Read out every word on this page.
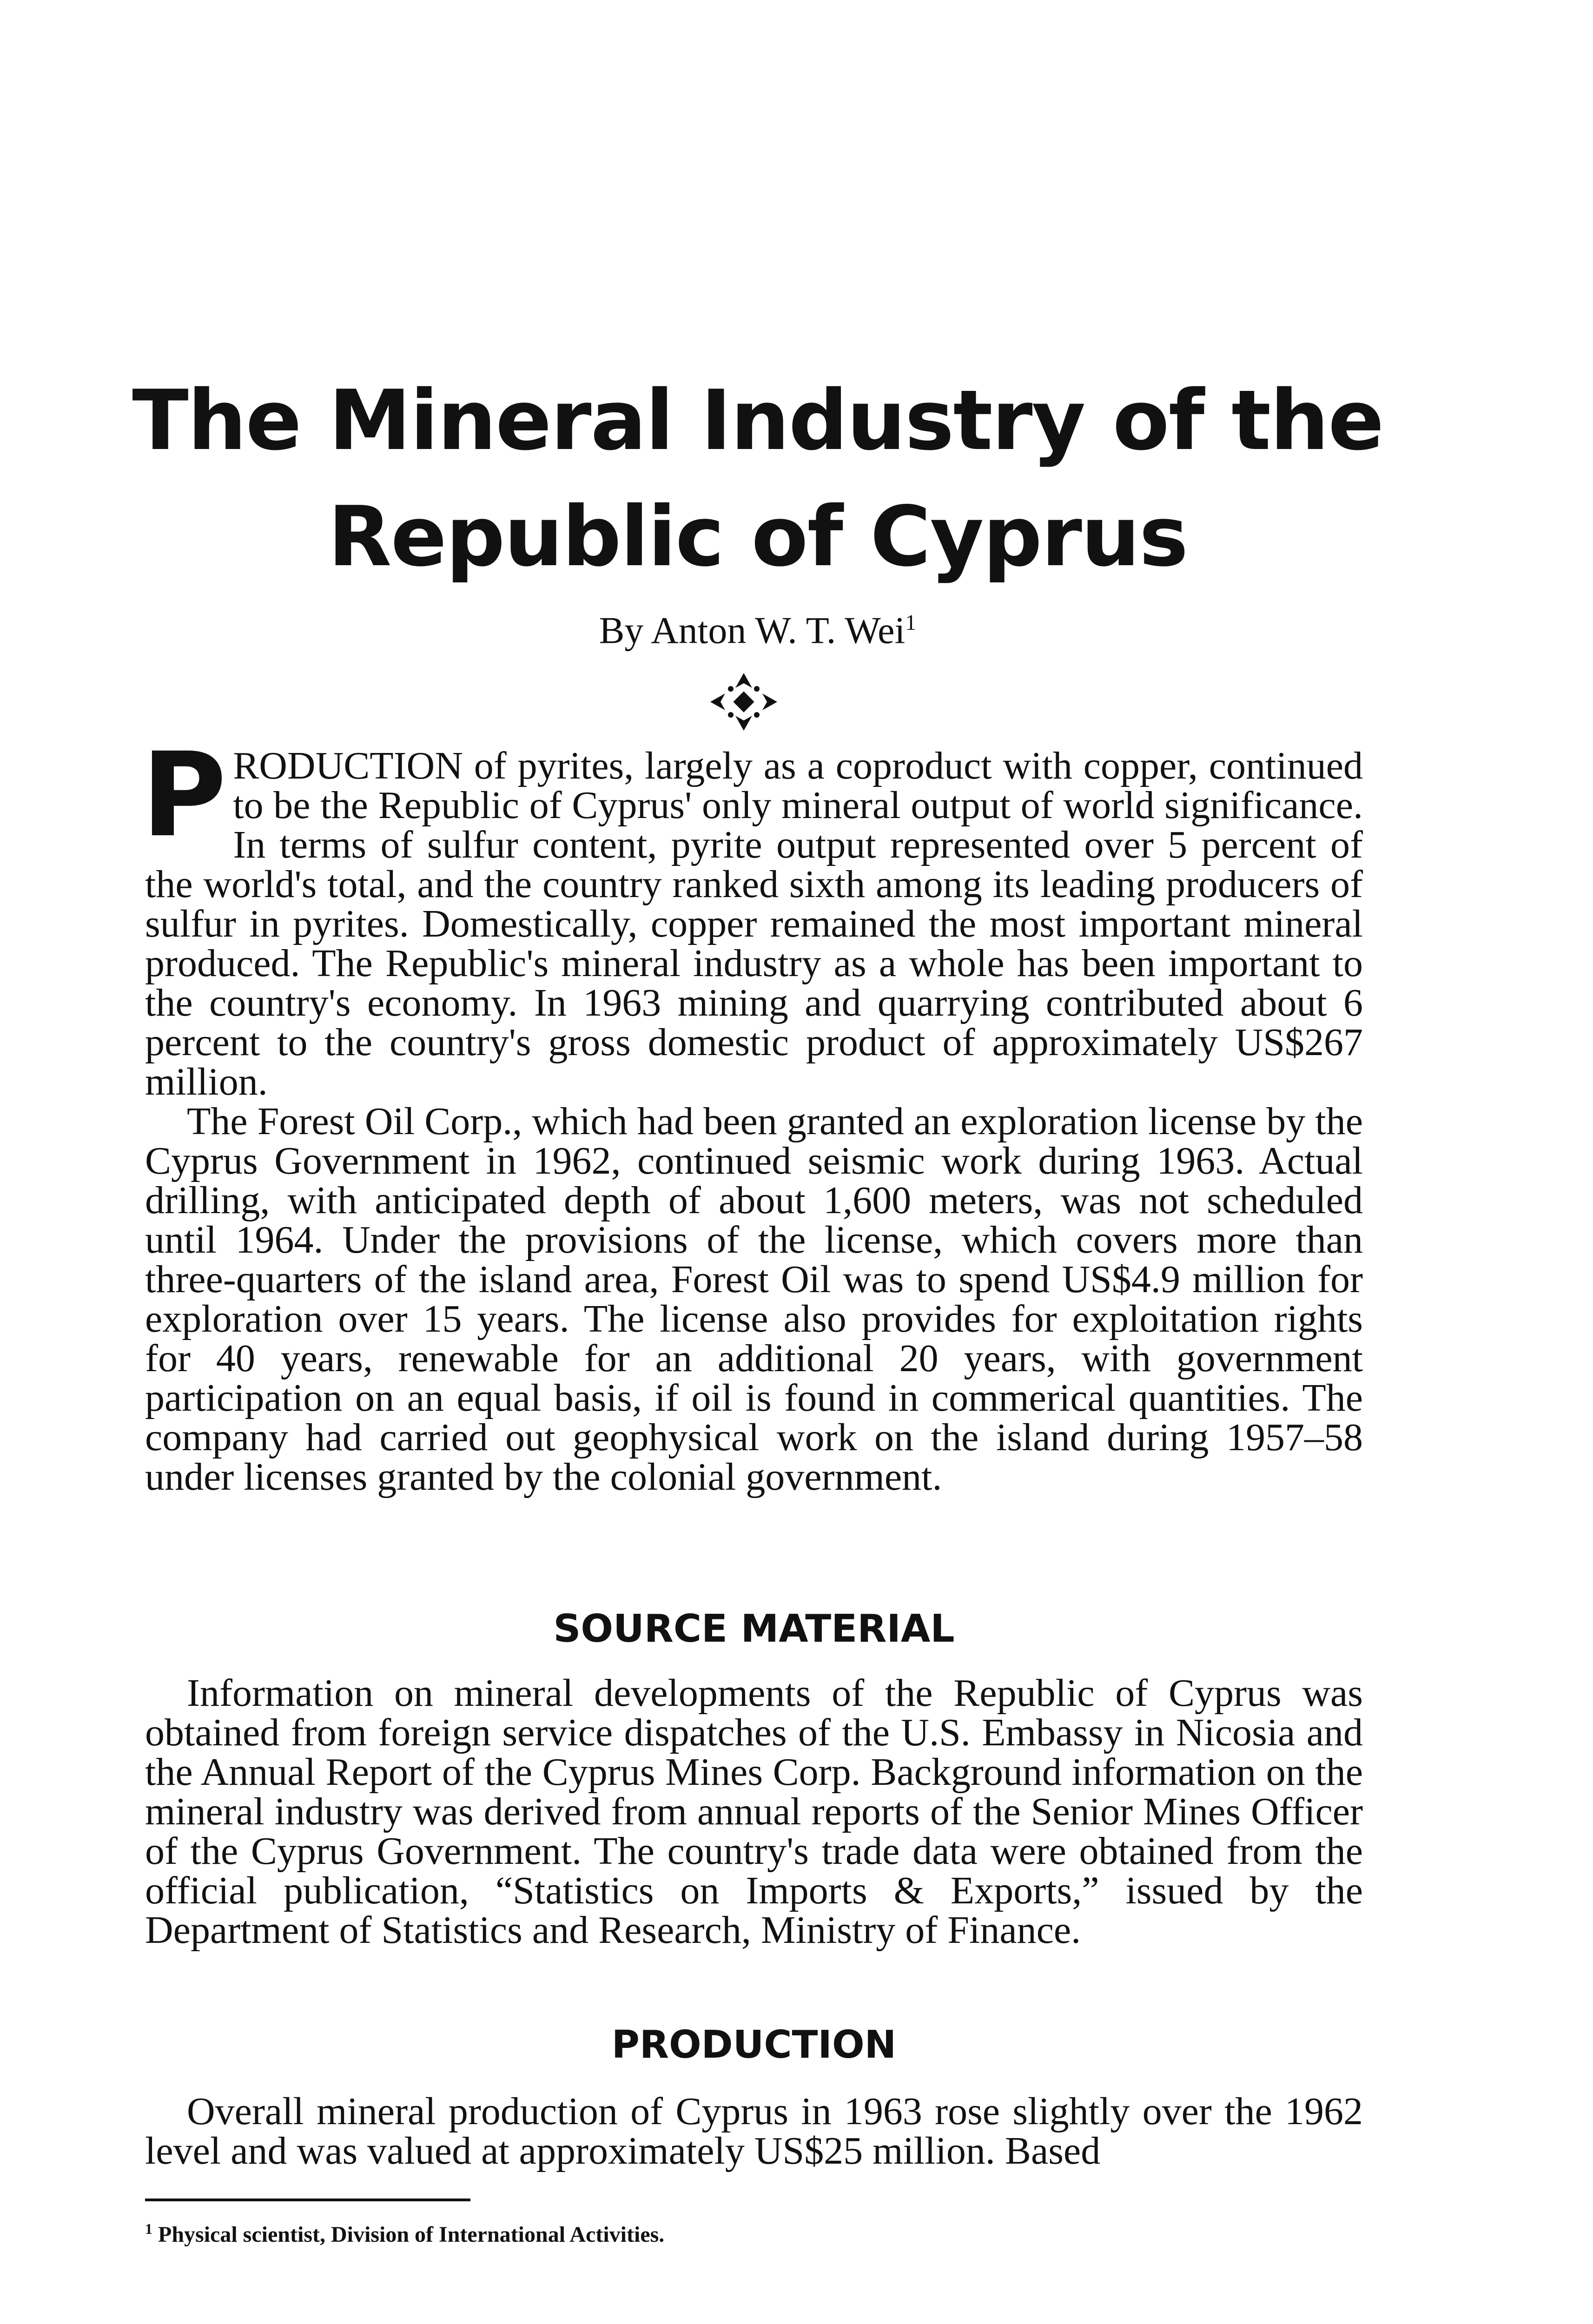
The Mineral Industry of the Republic of Cyprus
By Anton W. T. Wei$^1$

PRODUCTION of pyrites, largely as a coproduct with copper, continued to be the Republic of Cyprus' only mineral output of world significance. In terms of sulfur content, pyrite output represented over 5 percent of the world's total, and the country ranked sixth among its leading producers of sulfur in pyrites. Domestically, copper remained the most important mineral produced. The Republic's mineral industry as a whole has been important to the country's economy. In 1963 mining and quarrying contributed about 6 percent to the country's gross domestic product of approximately US$267 million.

The Forest Oil Corp., which had been granted an exploration license by the Cyprus Government in 1962, continued seismic work during 1963. Actual drilling, with anticipated depth of about 1,600 meters, was not scheduled until 1964. Under the provisions of the license, which covers more than three-quarters of the island area, Forest Oil was to spend US$4.9 million for exploration over 15 years. The license also provides for exploitation rights for 40 years, renewable for an additional 20 years, with government participation on an equal basis, if oil is found in commerical quantities. The company had carried out geophysical work on the island during 1957–58 under licenses granted by the colonial government.

SOURCE MATERIAL

Information on mineral developments of the Republic of Cyprus was obtained from foreign service dispatches of the U.S. Embassy in Nicosia and the Annual Report of the Cyprus Mines Corp. Background information on the mineral industry was derived from annual reports of the Senior Mines Officer of the Cyprus Government. The country's trade data were obtained from the official publication, “Statistics on Imports & Exports,” issued by the Department of Statistics and Research, Ministry of Finance.

PRODUCTION

Overall mineral production of Cyprus in 1963 rose slightly over the 1962 level and was valued at approximately US$25 million. Based

$^1$ Physical scientist, Division of International Activities.
